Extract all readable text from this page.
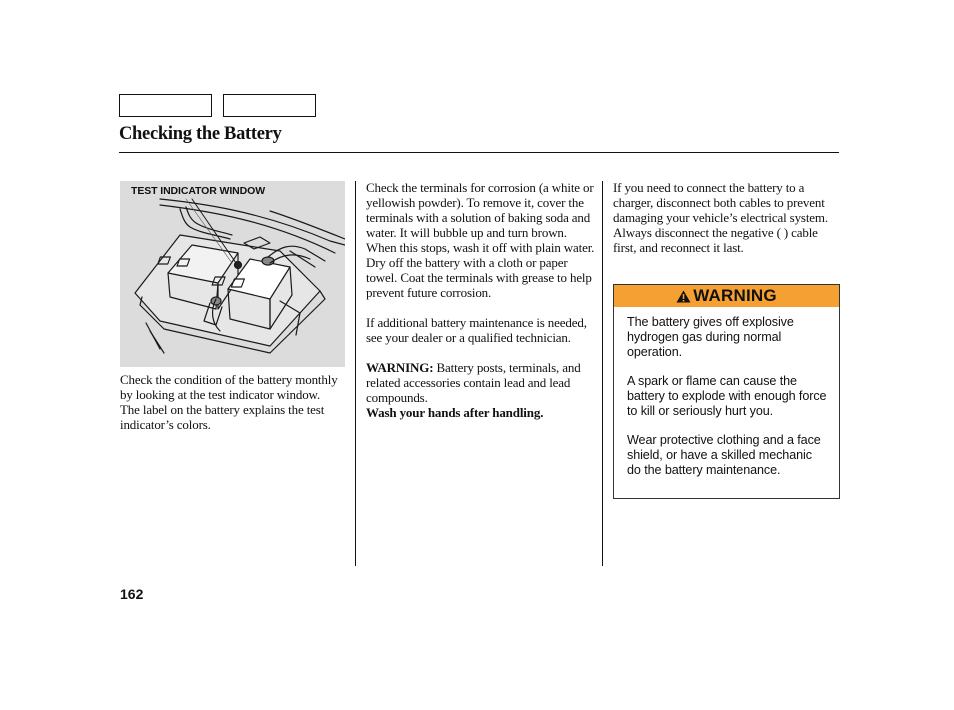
Checking the Battery
TEST INDICATOR WINDOW

Check the condition of the battery monthly by looking at the test indicator window. The label on the battery explains the test indicator’s colors.

Check the terminals for corrosion (a white or yellowish powder). To remove it, cover the terminals with a solution of baking soda and water. It will bubble up and turn brown. When this stops, wash it off with plain water. Dry off the battery with a cloth or paper towel. Coat the terminals with grease to help prevent future corrosion.

If additional battery maintenance is needed, see your dealer or a qualified technician.

WARNING: Battery posts, terminals, and related accessories contain lead and lead compounds.
Wash your hands after handling.

If you need to connect the battery to a charger, disconnect both cables to prevent damaging your vehicle’s electrical system. Always disconnect the negative ( ) cable first, and reconnect it last.

WARNING

The battery gives off explosive hydrogen gas during normal operation.

A spark or flame can cause the battery to explode with enough force to kill or seriously hurt you.

Wear protective clothing and a face shield, or have a skilled mechanic do the battery maintenance.

162
